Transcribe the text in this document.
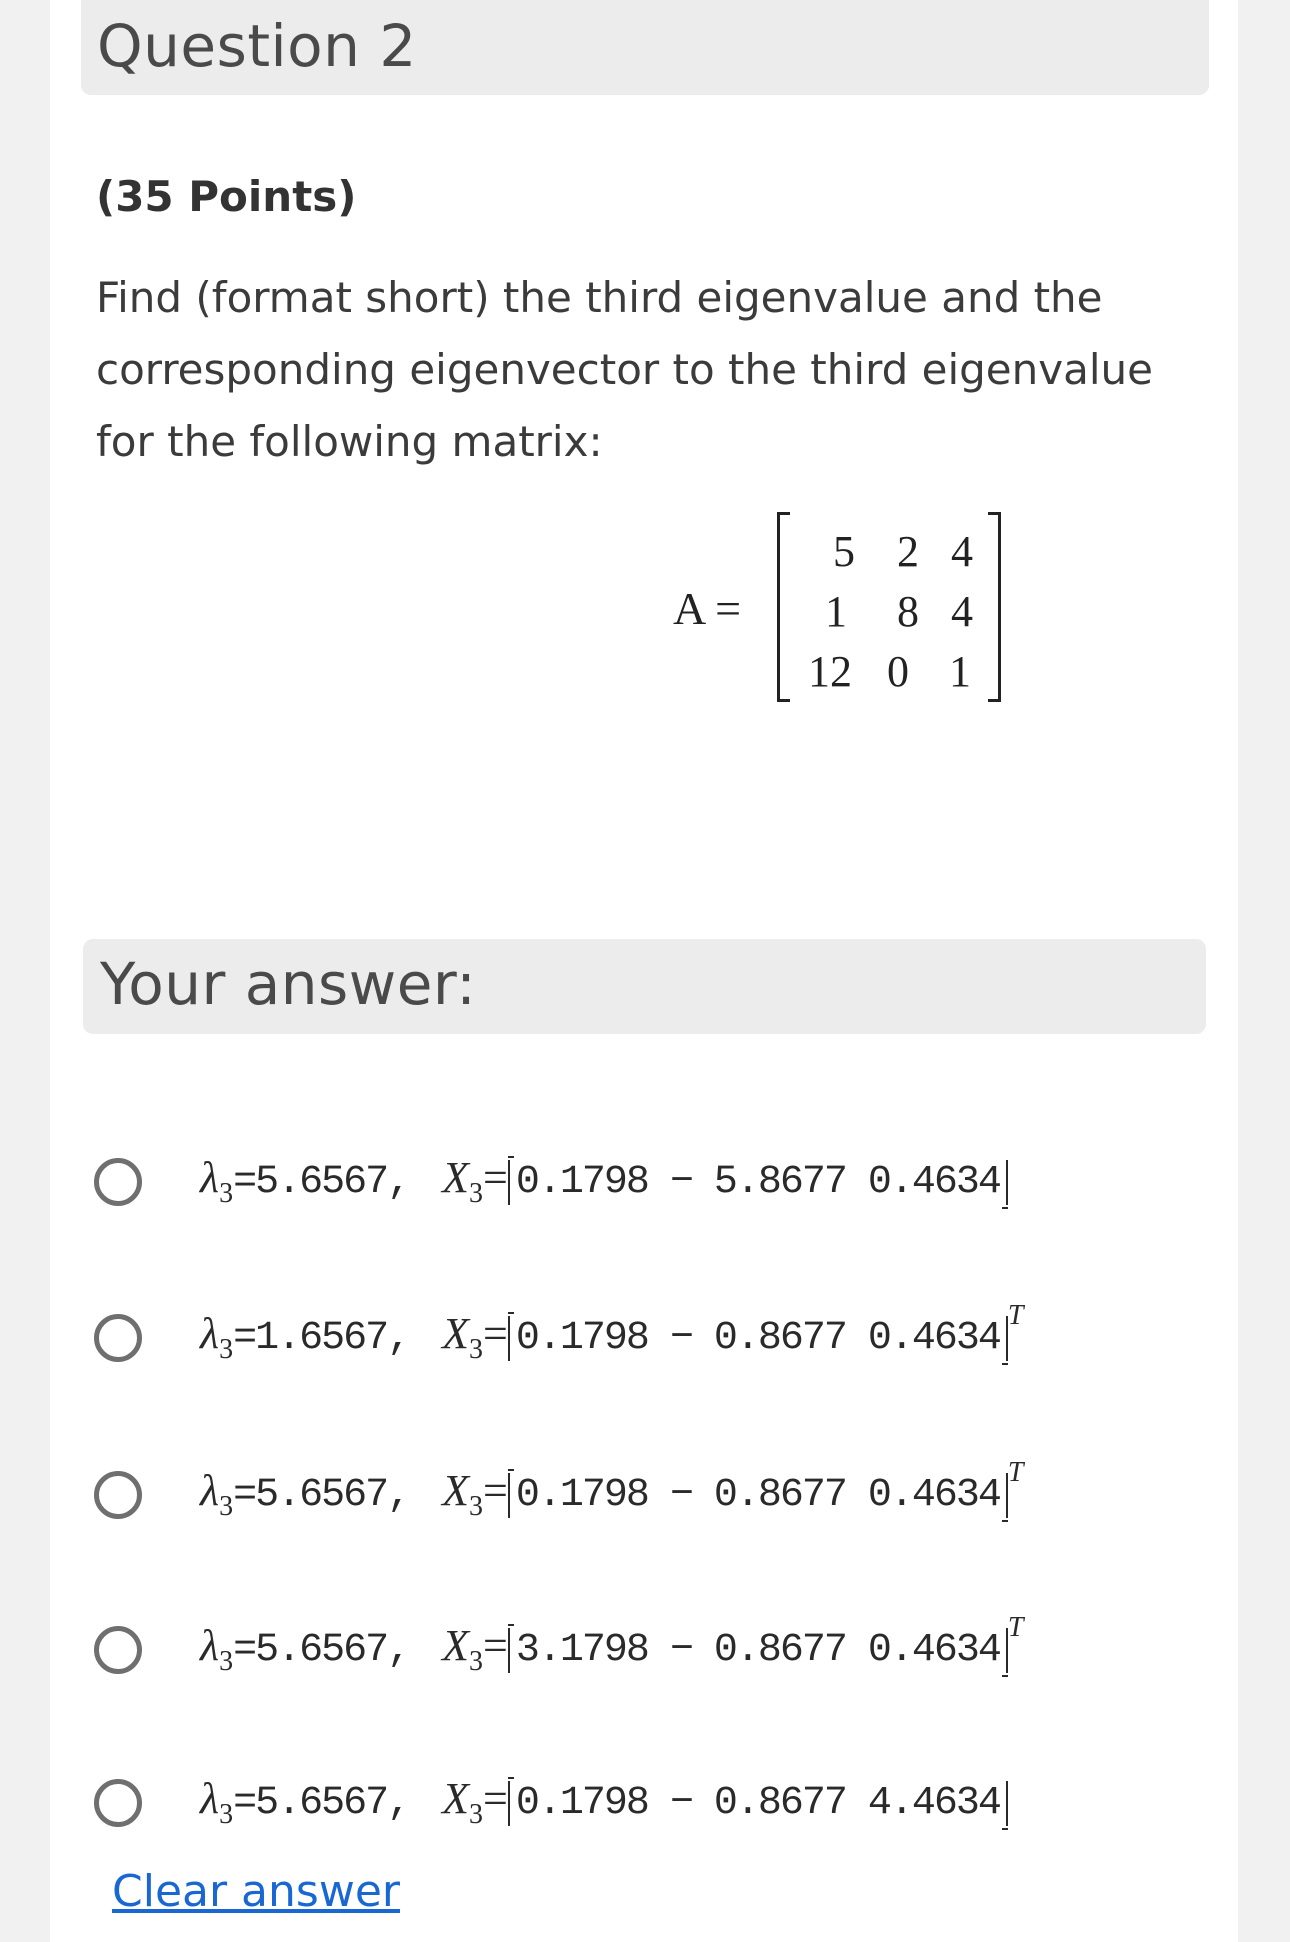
Question 2
(35 Points)
Find (format short) the third eigenvalue and the corresponding eigenvector to the third eigenvalue for the following matrix:
A =
5 2 4
1	8 4
12 0 1
Your answer:
$\lambda_3=5.6567$, $X_3= 0.1798 - 5.8677$ 0.4634
$\lambda_3=1.6567$, $X_3= 0.1798 - 0.8677$ $0.4634^T$
$\lambda_3=5.6567$, $X_3= 0.1798 - 0.8677$ $0.4634^T$
$\lambda_3=5.6567$, $X_3= 3.1798 - 0.8677$ $0.4634^T$
$\lambda_3=5.6567$, $X_3= 0.1798 - 0.8677$ 4.4634
Clear answer
